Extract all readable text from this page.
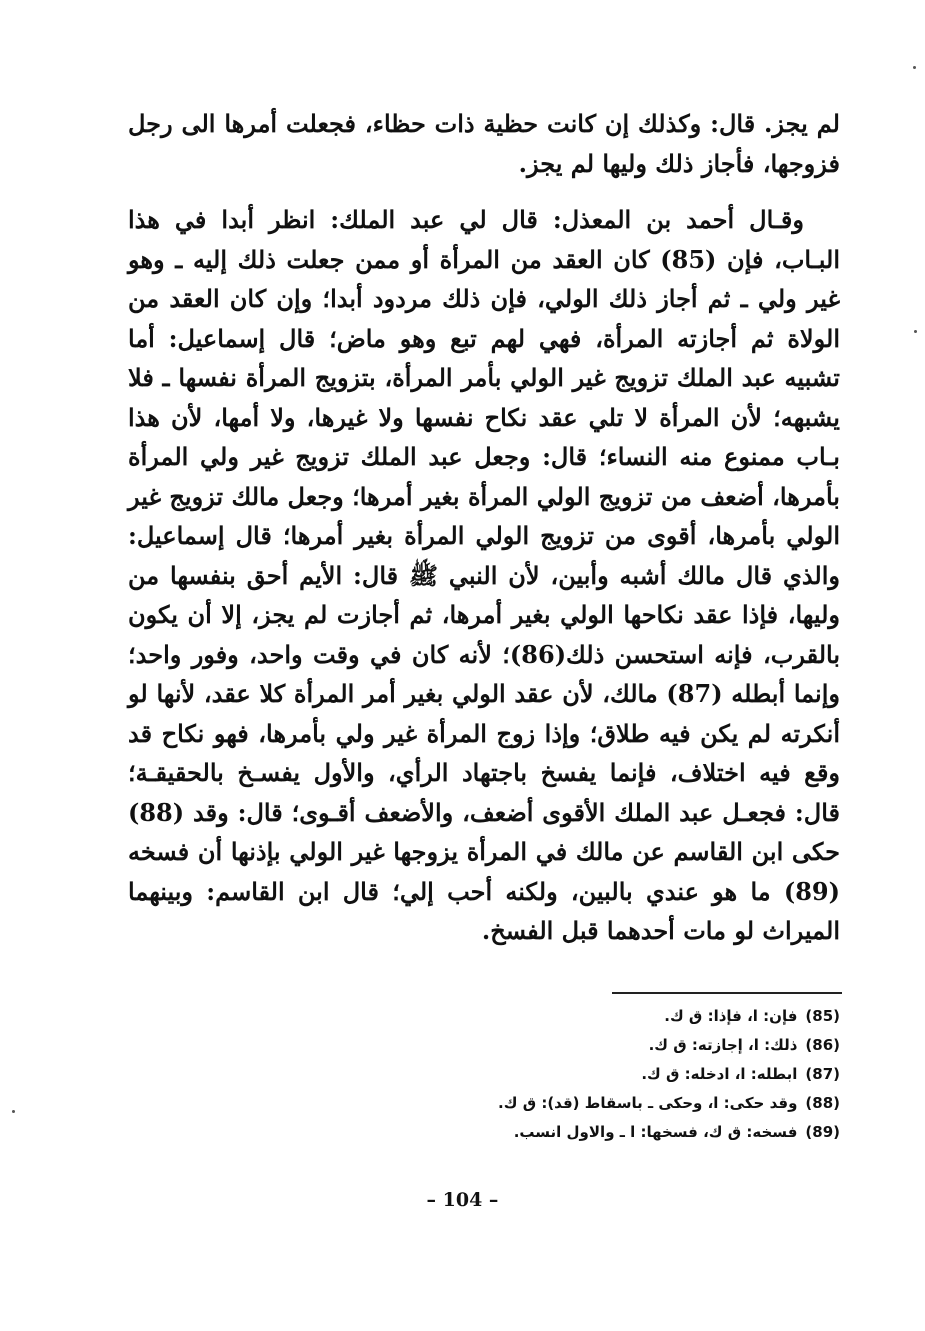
لم يجز. قال: وكذلك إن كانت حظية ذات حظاء، فجعلت أمرها الى رجل فزوجها، فأجاز ذلك وليها لم يجز.

وقـال أحمد بن المعذل: قال لي عبد الملك: انظر أبدا في هذا البـاب، فإن (85) كان العقد من المرأة أو ممن جعلت ذلك إليه ـ وهو غير ولي ـ ثم أجاز ذلك الولي، فإن ذلك مردود أبدا؛ وإن كان العقد من الولاة ثم أجازته المرأة، فهي لهم تبع وهو ماض؛ قال إسماعيل: أما تشبيه عبد الملك تزويج غير الولي بأمر المرأة، بتزويج المرأة نفسها ـ فلا يشبهه؛ لأن المرأة لا تلي عقد نكاح نفسها ولا غيرها، ولا أمها، لأن هذا بـاب ممنوع منه النساء؛ قال: وجعل عبد الملك تزويج غير ولي المرأة بأمرها، أضعف من تزويج الولي المرأة بغير أمرها؛ وجعل مالك تزويج غير الولي بأمرها، أقوى من تزويج الولي المرأة بغير أمرها؛ قال إسماعيل: والذي قال مالك أشبه وأبين، لأن النبي ﷺ قال: الأيم أحق بنفسها من وليها، فإذا عقد نكاحها الولي بغير أمرها، ثم أجازت لم يجز، إلا أن يكون بالقرب، فإنه استحسن ذلك(86)؛ لأنه كان في وقت واحد، وفور واحد؛ وإنما أبطله (87) مالك، لأن عقد الولي بغير أمر المرأة كلا عقد، لأنها لو أنكرته لم يكن فيه طلاق؛ وإذا زوج المرأة غير ولي بأمرها، فهو نكاح قد وقع فيه اختلاف، فإنما يفسخ باجتهاد الرأي، والأول يفسـخ بالحقيقـة؛ قال: فجعـل عبد الملك الأقوى أضعف، والأضعف أقـوى؛ قال: وقد (88) حكى ابن القاسم عن مالك في المرأة يزوجها غير الولي بإذنها أن فسخه (89) ما هو عندي بالبين، ولكنه أحب إلي؛ قال ابن القاسم: وبينهما الميراث لو مات أحدهما قبل الفسخ.

(85)فإن: ا، فإذا: ق ك.
(86)ذلك: ا، إجازته: ق ك.
(87)ابطله: ا، ادخله: ق ك.
(88)وقد حكى: ا، وحكى ـ باسقاط (قد): ق ك.
(89)فسخه: ق ك، فسخها: ا ـ والاول انسب.
– 104 –
